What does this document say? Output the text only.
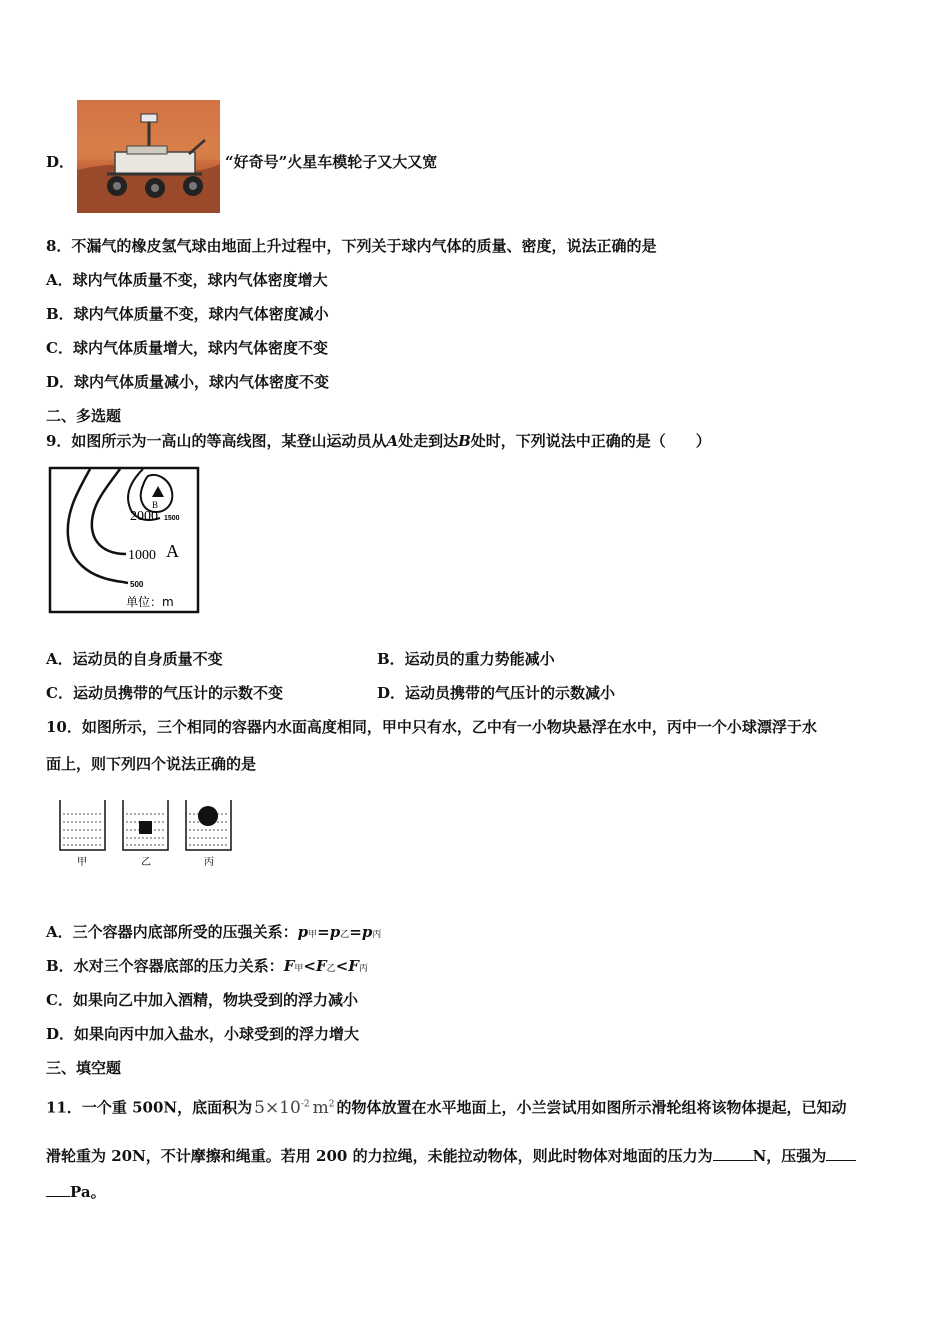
D．	“好奇号”火星车模轮子又大又宽
8．不漏气的橡皮氢气球由地面上升过程中，下列关于球内气体的质量、密度，说法正确的是
A．球内气体质量不变，球内气体密度增大
B．球内气体质量不变，球内气体密度减小
C．球内气体质量增大，球内气体密度不变
D．球内气体质量减小，球内气体密度不变
二、多选题
9．如图所示为一高山的等高线图，某登山运动员从A处走到达B处时，下列说法中正确的是（　　）
2000 1500
B
1000 A
500
单位：m
A．运动员的自身质量不变	B．运动员的重力势能减小
C．运动员携带的气压计的示数不变	D．运动员携带的气压计的示数减小
10．如图所示，三个相同的容器内水面高度相同，甲中只有水，乙中有一小物块悬浮在水中，丙中一个小球漂浮于水
面上，则下列四个说法正确的是
甲	乙	丙
A．三个容器内底部所受的压强关系：p甲=p乙=p丙
B．水对三个容器底部的压力关系：F甲<F乙<F丙
C．如果向乙中加入酒精，物块受到的浮力减小
D．如果向丙中加入盐水，小球受到的浮力增大
三、填空题
11．一个重 500N，底面积为 $5\times 10^{-2}$ $m^2$ 的物体放置在水平地面上，小兰尝试用如图所示滑轮组将该物体提起，已知动
滑轮重为 20N，不计摩擦和绳重。若用 200 的力拉绳，未能拉动物体，则此时物体对地面的压力为	N，压强为
Pa。
